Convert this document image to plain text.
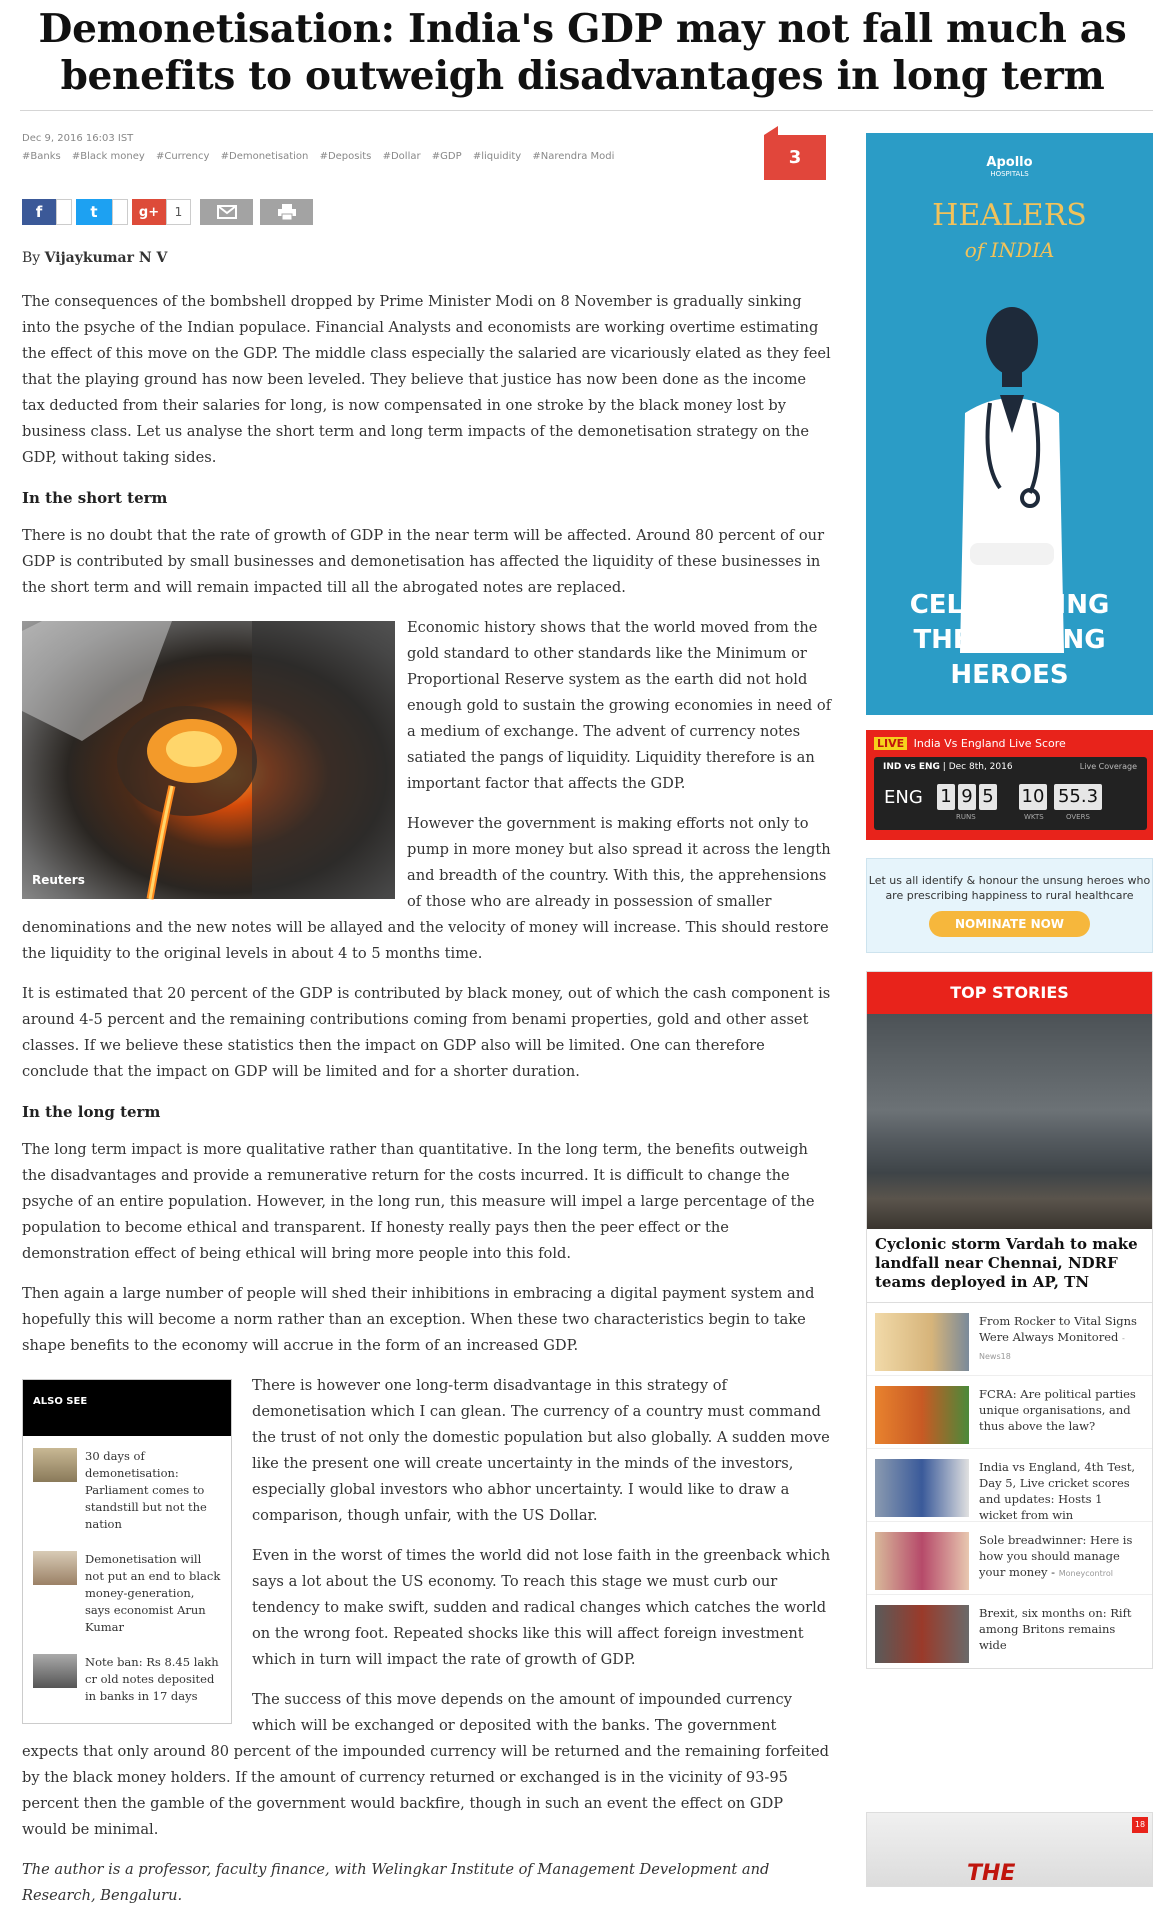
Demonetisation: India's GDP may not fall much as benefits to outweigh disadvantages in long term
Dec 9, 2016 16:03 IST
#Banks #Black money #Currency #Demonetisation #Deposits #Dollar #GDP #liquidity #Narendra Modi	3
f	t	g+	1
By Vijaykumar N V

The consequences of the bombshell dropped by Prime Minister Modi on 8 November is gradually sinking into the psyche of the Indian populace. Financial Analysts and economists are working overtime estimating the effect of this move on the GDP. The middle class especially the salaried are vicariously elated as they feel that the playing ground has now been leveled. They believe that justice has now been done as the income tax deducted from their salaries for long, is now compensated in one stroke by the black money lost by business class. Let us analyse the short term and long term impacts of the demonetisation strategy on the GDP, without taking sides.

In the short term

There is no doubt that the rate of growth of GDP in the near term will be affected. Around 80 percent of our GDP is contributed by small businesses and demonetisation has affected the liquidity of these businesses in the short term and will remain impacted till all the abrogated notes are replaced.

Reuters

Economic history shows that the world moved from the gold standard to other standards like the Minimum or Proportional Reserve system as the earth did not hold enough gold to sustain the growing economies in need of a medium of exchange. The advent of currency notes satiated the pangs of liquidity. Liquidity therefore is an important factor that affects the GDP.

However the government is making efforts not only to pump in more money but also spread it across the length and breadth of the country. With this, the apprehensions of those who are already in possession of smaller denominations and the new notes will be allayed and the velocity of money will increase. This should restore the liquidity to the original levels in about 4 to 5 months time.

It is estimated that 20 percent of the GDP is contributed by black money, out of which the cash component is around 4-5 percent and the remaining contributions coming from benami properties, gold and other asset classes. If we believe these statistics then the impact on GDP also will be limited. One can therefore conclude that the impact on GDP will be limited and for a shorter duration.

In the long term

The long term impact is more qualitative rather than quantitative. In the long term, the benefits outweigh the disadvantages and provide a remunerative return for the costs incurred. It is difficult to change the psyche of an entire population. However, in the long run, this measure will impel a large percentage of the population to become ethical and transparent. If honesty really pays then the peer effect or the demonstration effect of being ethical will bring more people into this fold.

Then again a large number of people will shed their inhibitions in embracing a digital payment system and hopefully this will become a norm rather than an exception. When these two characteristics begin to take shape benefits to the economy will accrue in the form of an increased GDP.

ALSO SEE
30 days of demonetisation: Parliament comes to standstill but not the nation
Demonetisation will not put an end to black money-generation, says economist Arun Kumar
Note ban: Rs 8.45 lakh cr old notes deposited in banks in 17 days

There is however one long-term disadvantage in this strategy of demonetisation which I can glean. The currency of a country must command the trust of not only the domestic population but also globally. A sudden move like the present one will create uncertainty in the minds of the investors, especially global investors who abhor uncertainty. I would like to draw a comparison, though unfair, with the US Dollar.

Even in the worst of times the world did not lose faith in the greenback which says a lot about the US economy. To reach this stage we must curb our tendency to make swift, sudden and radical changes which catches the world on the wrong foot. Repeated shocks like this will affect foreign investment which in turn will impact the rate of growth of GDP.

The success of this move depends on the amount of impounded currency which will be exchanged or deposited with the banks. The government expects that only around 80 percent of the impounded currency will be returned and the remaining forfeited by the black money holders. If the amount of currency returned or exchanged is in the vicinity of 93-95 percent then the gamble of the government would backfire, though in such an event the effect on GDP would be minimal.

The author is a professor, faculty finance, with Welingkar Institute of Management Development and Research, Bengaluru.

Apollo
HOSPITALS
HEALERS
of INDIA
CELEBRATING
THE UNSUNG
HEROES
LIVE India Vs England Live Score
IND vs ENG | Dec 8th, 2016	Live Coverage
ENG 1 9 5 10 55.3
RUNS	WKTS	OVERS
Let us all identify & honour the unsung heroes who are prescribing happiness to rural healthcare
NOMINATE NOW
TOP STORIES
Cyclonic storm Vardah to make landfall near Chennai, NDRF teams deployed in AP, TN
From Rocker to Vital Signs Were Always Monitored - News18
FCRA: Are political parties unique organisations, and thus above the law?
India vs England, 4th Test, Day 5, Live cricket scores and updates: Hosts 1 wicket from win
Sole breadwinner: Here is how you should manage your money - Moneycontrol
Brexit, six months on: Rift among Britons remains wide
18
THE
